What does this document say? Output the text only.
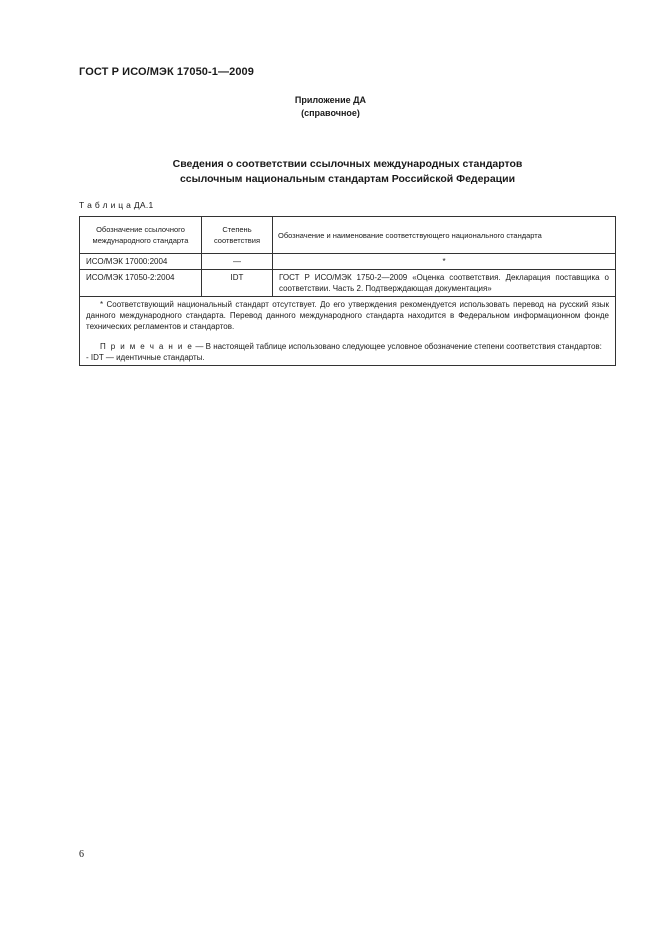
ГОСТ Р ИСО/МЭК 17050-1—2009
Приложение ДА
(справочное)
Сведения о соответствии ссылочных международных стандартов
ссылочным национальным стандартам Российской Федерации
Т а б л и ц а ДА.1
Обозначение ссылочного международного стандарта	Степень соответствия	Обозначение и наименование соответствующего национального стандарта
ИСО/МЭК 17000:2004	—	*
ИСО/МЭК 17050-2:2004	IDT	ГОСТ Р ИСО/МЭК 1750-2—2009 «Оценка соответствия. Декларация поставщика о соответствии. Часть 2. Подтверждающая документация»

* Соответствующий национальный стандарт отсутствует. До его утверждения рекомендуется использовать перевод на русский язык данного международного стандарта. Перевод данного международного стандарта находится в Федеральном информационном фонде технических регламентов и стандартов.

П р и м е ч а н и е — В настоящей таблице использовано следующее условное обозначение степени соответствия стандартов:

- IDT — идентичные стандарты.		

6
